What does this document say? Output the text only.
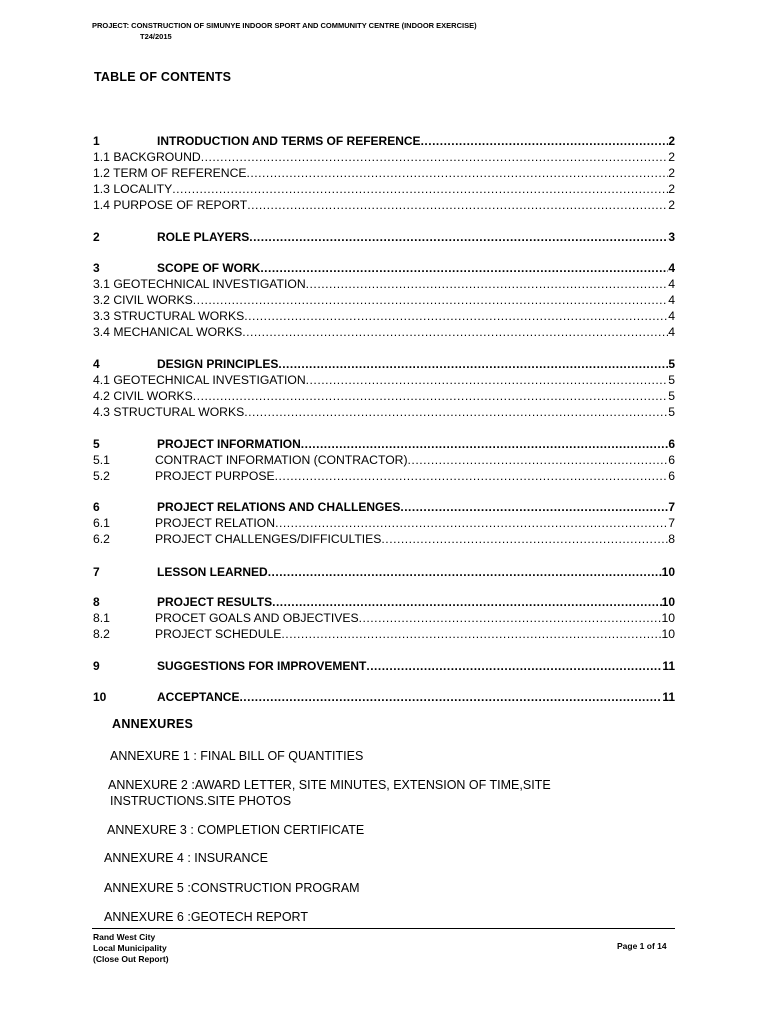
PROJECT: CONSTRUCTION OF SIMUNYE INDOOR SPORT AND COMMUNITY CENTRE (INDOOR EXERCISE)
T24/2015
TABLE OF CONTENTS
1	INTRODUCTION AND TERMS OF REFERENCE .....	2
1.1 BACKGROUND .....	2
1.2 TERM OF REFERENCE .....	2
1.3 LOCALITY .....	2
1.4 PURPOSE OF REPORT .....	2
2	ROLE PLAYERS .....	3
3	SCOPE OF WORK .....	4
3.1 GEOTECHNICAL INVESTIGATION .....	4
3.2 CIVIL WORKS .....	4
3.3 STRUCTURAL WORKS .....	4
3.4 MECHANICAL WORKS .....	4
4	DESIGN PRINCIPLES .....	5
4.1 GEOTECHNICAL INVESTIGATION .....	5
4.2 CIVIL WORKS .....	5
4.3 STRUCTURAL WORKS .....	5
5	PROJECT INFORMATION .....	6
5.1	CONTRACT INFORMATION (CONTRACTOR) .....	6
5.2	PROJECT PURPOSE .....	6
6	PROJECT RELATIONS AND CHALLENGES .....	7
6.1	PROJECT RELATION .....	7
6.2	PROJECT CHALLENGES/DIFFICULTIES .....	8
7	LESSON LEARNED .....	10
8	PROJECT RESULTS .....	10
8.1	PROCET GOALS AND OBJECTIVES .....	10
8.2	PROJECT SCHEDULE .....	10
9	SUGGESTIONS FOR IMPROVEMENT .....	11
10	ACCEPTANCE .....	11
ANNEXURES
ANNEXURE 1 : FINAL BILL OF QUANTITIES
ANNEXURE 2 :AWARD LETTER, SITE MINUTES, EXTENSION OF TIME,SITE
INSTRUCTIONS.SITE PHOTOS
ANNEXURE 3 : COMPLETION CERTIFICATE
ANNEXURE 4 : INSURANCE
ANNEXURE 5 :CONSTRUCTION PROGRAM
ANNEXURE 6 :GEOTECH REPORT
Rand West City
Local Municipality
(Close Out Report)
Page 1 of 14
